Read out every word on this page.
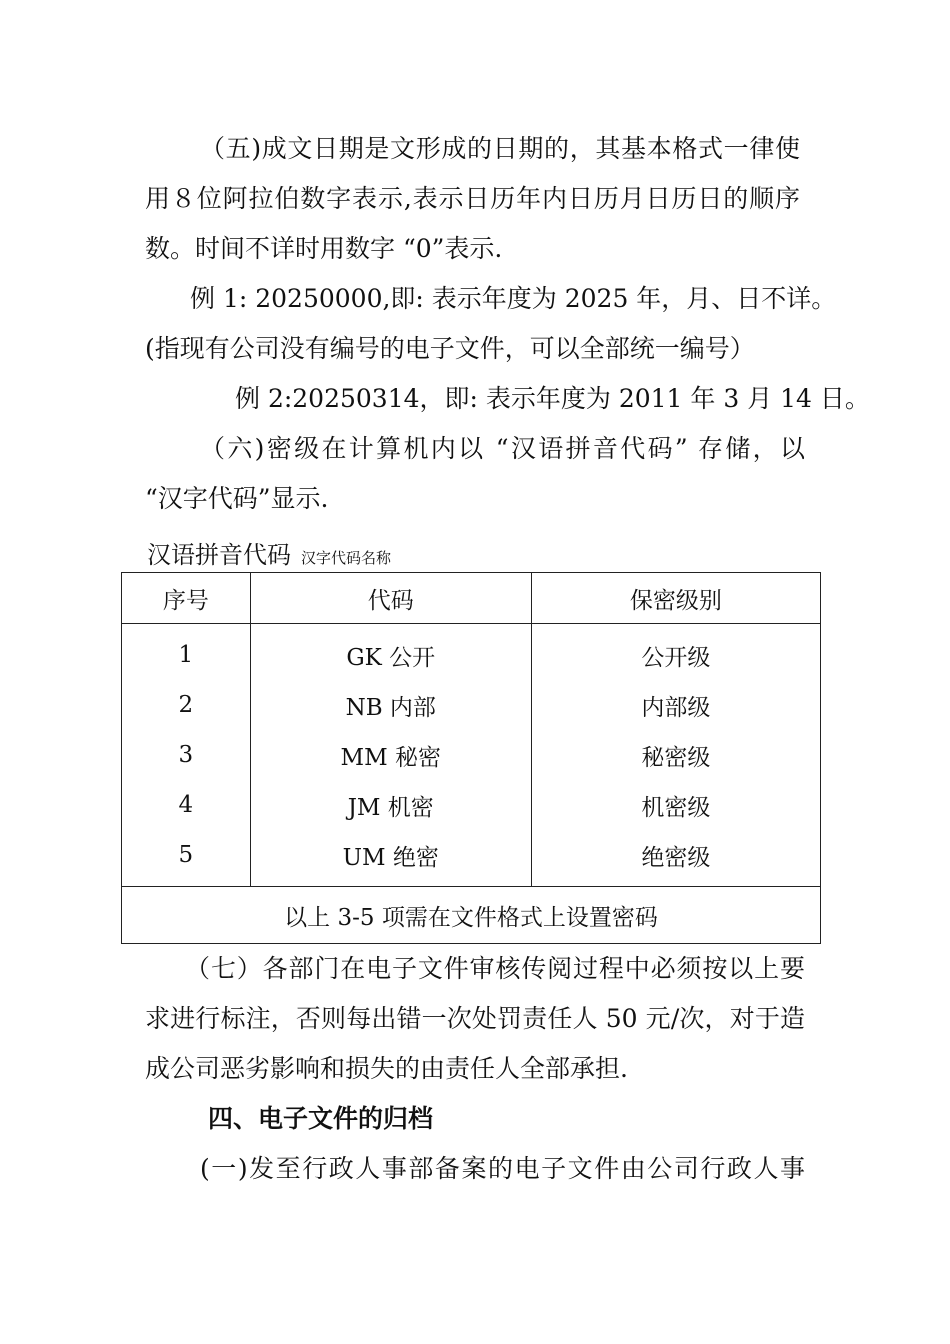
（五)成文日期是文形成的日期的，其基本格式一律使
用８位阿拉伯数字表示,表示日历年内日历月日历日的顺序
数。时间不详时用数字 “0”表示.
例 1: 20250000,即: 表示年度为 2025 年，月、日不详。
(指现有公司没有编号的电子文件，可以全部统一编号）
例 2:20250314，即: 表示年度为 2011 年 3 月 14 日。
（六)密级在计算机内以 “汉语拼音代码” 存储，以
“汉字代码”显示.
汉语拼音代码 汉字代码名称
序号	代码	保密级别
1	GK 公开	公开级
2	NB 内部	内部级
3	MM 秘密	秘密级
4	JM 机密	机密级
5	UM 绝密	绝密级
以上 3-5 项需在文件格式上设置密码		
（七）各部门在电子文件审核传阅过程中必须按以上要
求进行标注，否则每出错一次处罚责任人 50 元/次，对于造
成公司恶劣影响和损失的由责任人全部承担.
四、电子文件的归档
(一)发至行政人事部备案的电子文件由公司行政人事
